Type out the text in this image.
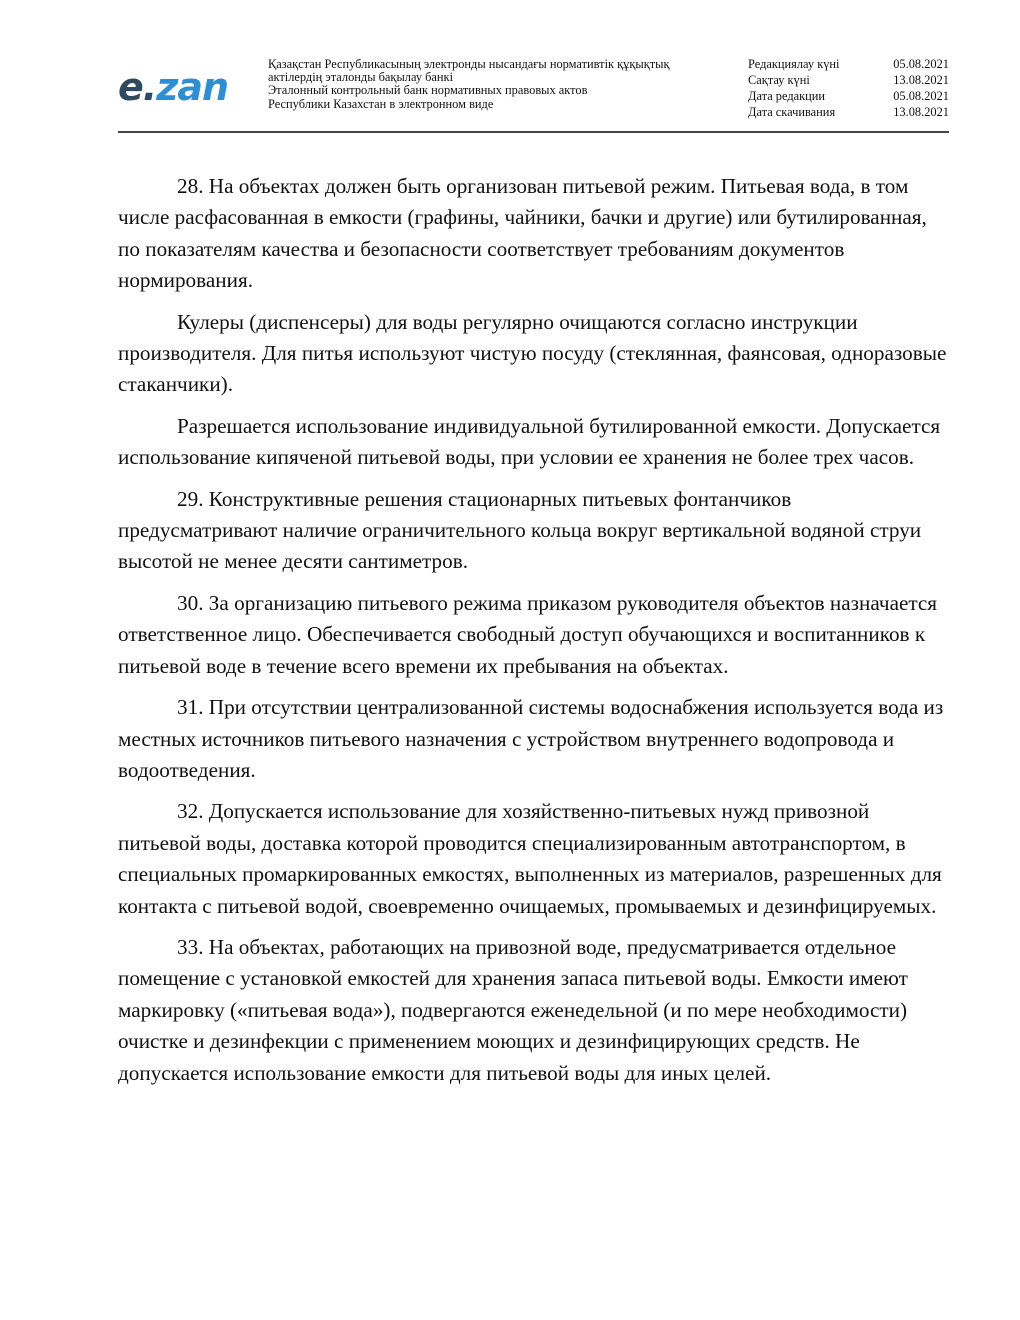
e.zan
Қазақстан Республикасының электронды нысандағы нормативтік құқықтық
актілердің эталонды бақылау банкі
Эталонный контрольный банк нормативных правовых актов
Республики Казахстан в электронном виде
Редакциялау күні	05.08.2021
Сақтау күні	13.08.2021
Дата редакции	05.08.2021
Дата скачивания	13.08.2021

28. На объектах должен быть организован питьевой режим. Питьевая вода, в том числе расфасованная в емкости (графины, чайники, бачки и другие) или бутилированная, по показателям качества и безопасности соответствует требованиям документов нормирования.

Кулеры (диспенсеры) для воды регулярно очищаются согласно инструкции производителя. Для питья используют чистую посуду (стеклянная, фаянсовая, одноразовые стаканчики).

Разрешается использование индивидуальной бутилированной емкости. Допускается использование кипяченой питьевой воды, при условии ее хранения не более трех часов.

29. Конструктивные решения стационарных питьевых фонтанчиков предусматривают наличие ограничительного кольца вокруг вертикальной водяной струи высотой не менее десяти сантиметров.

30. За организацию питьевого режима приказом руководителя объектов назначается ответственное лицо. Обеспечивается свободный доступ обучающихся и воспитанников к питьевой воде в течение всего времени их пребывания на объектах.

31. При отсутствии централизованной системы водоснабжения используется вода из местных источников питьевого назначения с устройством внутреннего водопровода и водоотведения.

32. Допускается использование для хозяйственно-питьевых нужд привозной питьевой воды, доставка которой проводится специализированным автотранспортом, в специальных промаркированных емкостях, выполненных из материалов, разрешенных для контакта с питьевой водой, своевременно очищаемых, промываемых и дезинфицируемых.

33. На объектах, работающих на привозной воде, предусматривается отдельное помещение с установкой емкостей для хранения запаса питьевой воды. Емкости имеют маркировку («питьевая вода»), подвергаются еженедельной (и по мере необходимости) очистке и дезинфекции с применением моющих и дезинфицирующих средств. Не допускается использование емкости для питьевой воды для иных целей.
